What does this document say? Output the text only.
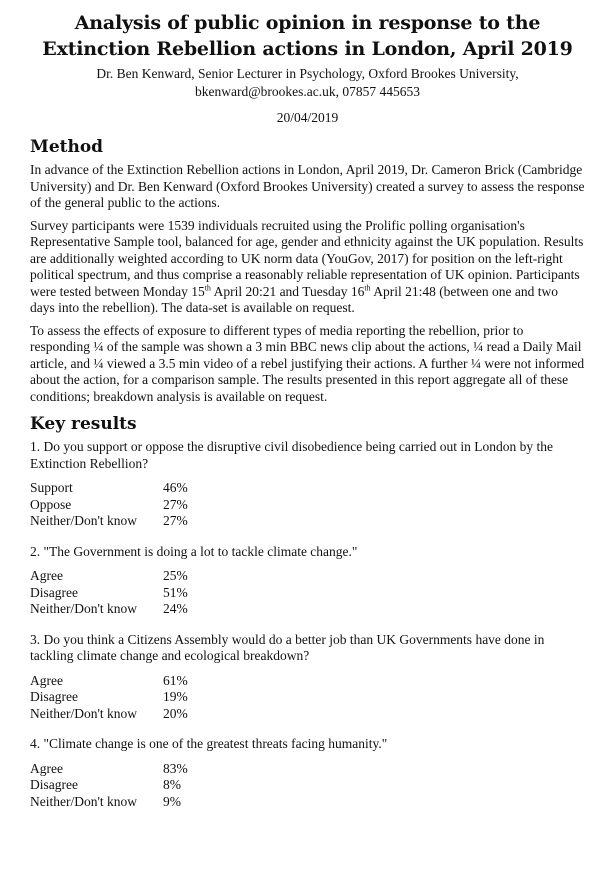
Analysis of public opinion in response to the
Extinction Rebellion actions in London, April 2019
Dr. Ben Kenward, Senior Lecturer in Psychology, Oxford Brookes University,
bkenward@brookes.ac.uk, 07857 445653
20/04/2019
Method

In advance of the Extinction Rebellion actions in London, April 2019, Dr. Cameron Brick (Cambridge University) and Dr. Ben Kenward (Oxford Brookes University) created a survey to assess the response of the general public to the actions.

Survey participants were 1539 individuals recruited using the Prolific polling organisation's Representative Sample tool, balanced for age, gender and ethnicity against the UK population. Results are additionally weighted according to UK norm data (YouGov, 2017) for position on the left-right political spectrum, and thus comprise a reasonably reliable representation of UK opinion. Participants were tested between Monday 15th April 20:21 and Tuesday 16th April 21:48 (between one and two days into the rebellion). The data-set is available on request.

To assess the effects of exposure to different types of media reporting the rebellion, prior to responding ¼ of the sample was shown a 3 min BBC news clip about the actions, ¼ read a Daily Mail article, and ¼ viewed a 3.5 min video of a rebel justifying their actions. A further ¼ were not informed about the action, for a comparison sample. The results presented in this report aggregate all of these conditions; breakdown analysis is available on request.

Key results

1. Do you support or oppose the disruptive civil disobedience being carried out in London by the Extinction Rebellion?

Support	46%
Oppose	27%
Neither/Don't know	27%

2. "The Government is doing a lot to tackle climate change."

Agree	25%
Disagree	51%
Neither/Don't know	24%

3. Do you think a Citizens Assembly would do a better job than UK Governments have done in tackling climate change and ecological breakdown?

Agree	61%
Disagree	19%
Neither/Don't know	20%

4. "Climate change is one of the greatest threats facing humanity."

Agree	83%
Disagree	8%
Neither/Don't know	9%
